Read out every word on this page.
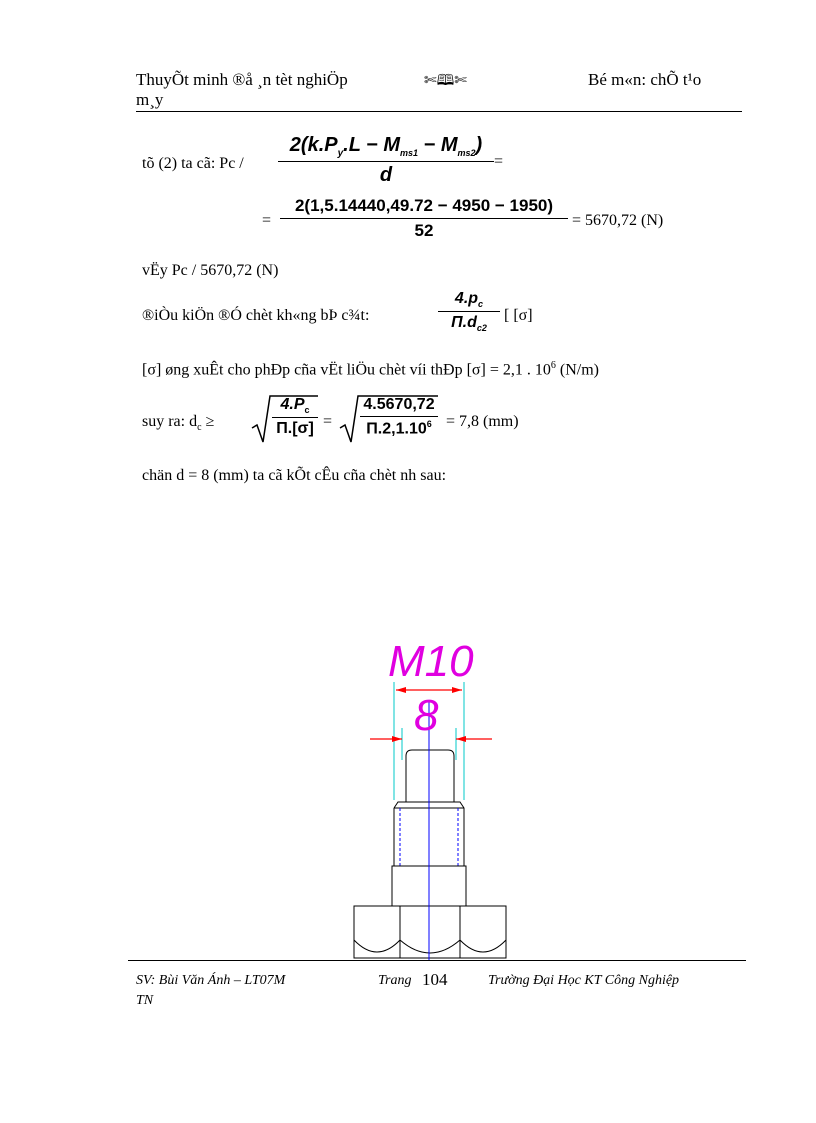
ThuyÕt minh ®å ¸n tèt nghiÖp
m¸y
✄🕮✄	Bé m«n: chÕ t¹o
tõ (2) ta cã: Pc /
$2(k.P_y.L - M_{ms1} - M_{ms2})$
d
=
=
2(1,5.14440,49.72 − 4950 − 1950)
52
= 5670,72 (N)
vËy Pc / 5670,72 (N)
®iÒu kiÖn ®Ó chèt kh«ng bÞ c¾t:
$4.p_c$
$\Pi.d_{c2}$
[ [σ]
[σ] øng xuÊt cho phÐp cña vËt liÖu chèt víi thÐp [σ] = 2,1 . $10^6$ (N/m)
suy ra: $d_c$ ≥
$4.P_c$
Π.[σ] =
4.5670,72
$\Pi.2,1.10^6 = 7,8$ (mm)
chän d = 8 (mm) ta cã kÕt cÊu cña chèt nh sau:
M10
8
SV: Bùi Văn Ánh – LT07M
TN
Trang 104	Trường Đại Học KT Công Nghiệp
